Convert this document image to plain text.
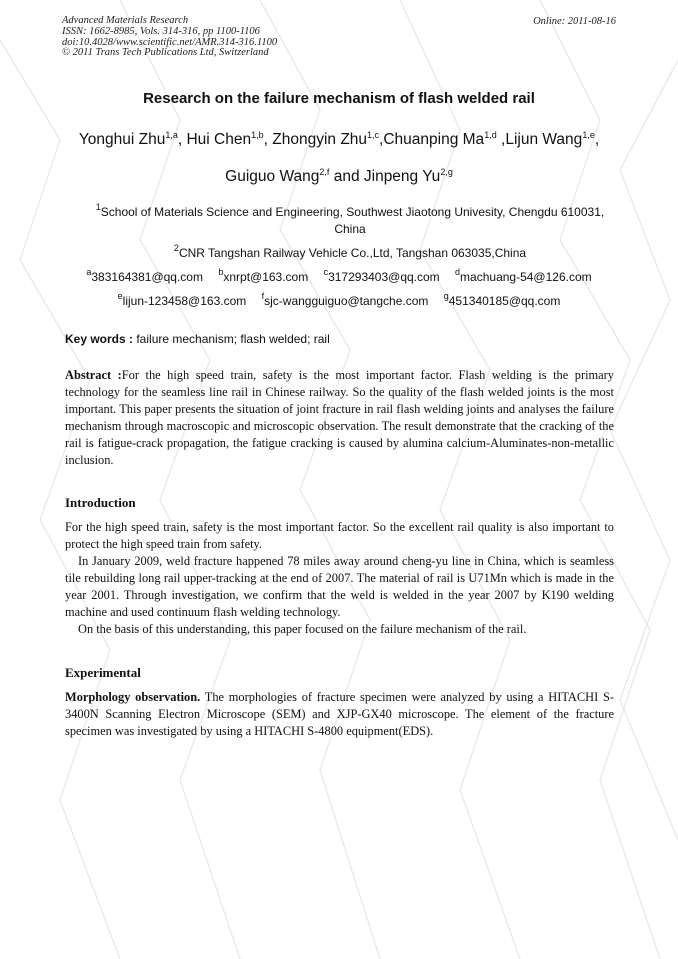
Advanced Materials Research
ISSN: 1662-8985, Vols. 314-316, pp 1100-1106
doi:10.4028/www.scientific.net/AMR.314-316.1100
© 2011 Trans Tech Publications Ltd, Switzerland
Online: 2011-08-16
Research on the failure mechanism of flash welded rail
Yonghui Zhu$^{1,a}$, Hui Chen$^{1,b}$, Zhongyin Zhu$^{1,c}$,Chuanping Ma$^{1,d}$ ,Lijun Wang$^{1,e}$,
Guiguo Wang$^{2,f}$ and Jinpeng Yu$^{2,g}$
$^1$School of Materials Science and Engineering, Southwest Jiaotong Univesity, Chengdu 610031, China
$^2$CNR Tangshan Railway Vehicle Co.,Ltd, Tangshan 063035,China
$^a$383164381@qq.com $^b$xnrpt@163.com $^c$317293403@qq.com $^d$machuang-54@126.com
$^e$lijun-123458@163.com $^f$sjc-wangguiguo@tangche.com $^g$451340185@qq.com
Key words : failure mechanism; flash welded; rail
Abstract :For the high speed train, safety is the most important factor. Flash welding is the primary technology for the seamless line rail in Chinese railway. So the quality of the flash welded joints is the most important. This paper presents the situation of joint fracture in rail flash welding joints and analyses the failure mechanism through macroscopic and microscopic observation. The result demonstrate that the cracking of the rail is fatigue-crack propagation, the fatigue cracking is caused by alumina calcium-Aluminates-non-metallic inclusion.
Introduction
For the high speed train, safety is the most important factor. So the excellent rail quality is also important to protect the high speed train from safety.
In January 2009, weld fracture happened 78 miles away around cheng-yu line in China, which is seamless tile rebuilding long rail upper-tracking at the end of 2007. The material of rail is U71Mn which is made in the year 2001. Through investigation, we confirm that the weld is welded in the year 2007 by K190 welding machine and used continuum flash welding technology.
On the basis of this understanding, this paper focused on the failure mechanism of the rail.
Experimental
Morphology observation. The morphologies of fracture specimen were analyzed by using a HITACHI S-3400N Scanning Electron Microscope (SEM) and XJP-GX40 microscope. The element of the fracture specimen was investigated by using a HITACHI S-4800 equipment(EDS).
